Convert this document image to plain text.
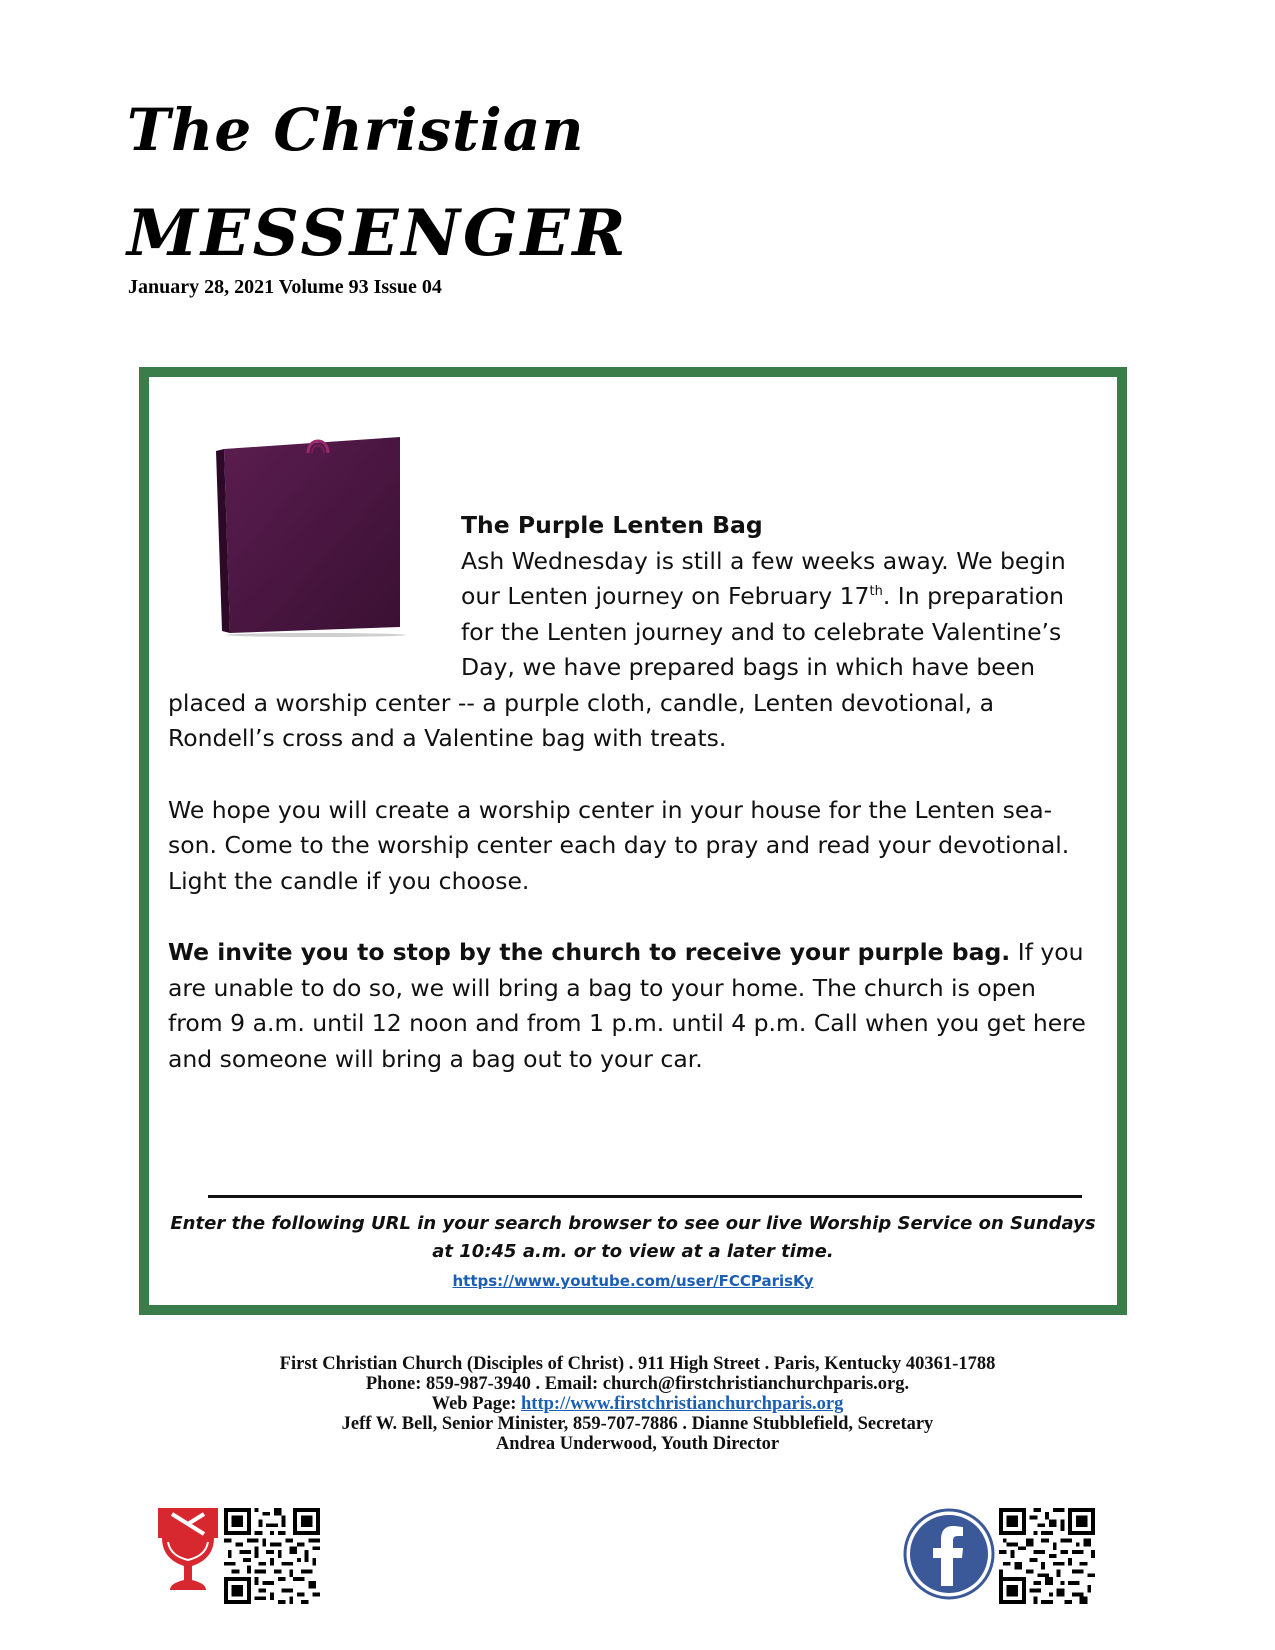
The Christian
MESSENGER
January 28, 2021 Volume 93 Issue 04

The Purple Lenten Bag

Ash Wednesday is still a few weeks away. We begin

our Lenten journey on February 17th. In preparation

for the Lenten journey and to celebrate Valentine’s

Day, we have prepared bags in which have been

placed a worship center -- a purple cloth, candle, Lenten devotional, a Rondell’s cross and a Valentine bag with treats.

We hope you will create a worship center in your house for the Lenten sea-son. Come to the worship center each day to pray and read your devotional. Light the candle if you choose.

We invite you to stop by the church to receive your purple bag. If you are unable to do so, we will bring a bag to your home. The church is open from 9 a.m. until 12 noon and from 1 p.m. until 4 p.m. Call when you get here and someone will bring a bag out to your car.

Enter the following URL in your search browser to see our live Worship Service on Sundays at 10:45 a.m. or to view at a later time.
https://www.youtube.com/user/FCCParisKy
First Christian Church (Disciples of Christ) . 911 High Street . Paris, Kentucky 40361-1788
Phone: 859-987-3940 . Email: church@firstchristianchurchparis.org.
Web Page: http://www.firstchristianchurchparis.org
Jeff W. Bell, Senior Minister, 859-707-7886 . Dianne Stubblefield, Secretary
Andrea Underwood, Youth Director
